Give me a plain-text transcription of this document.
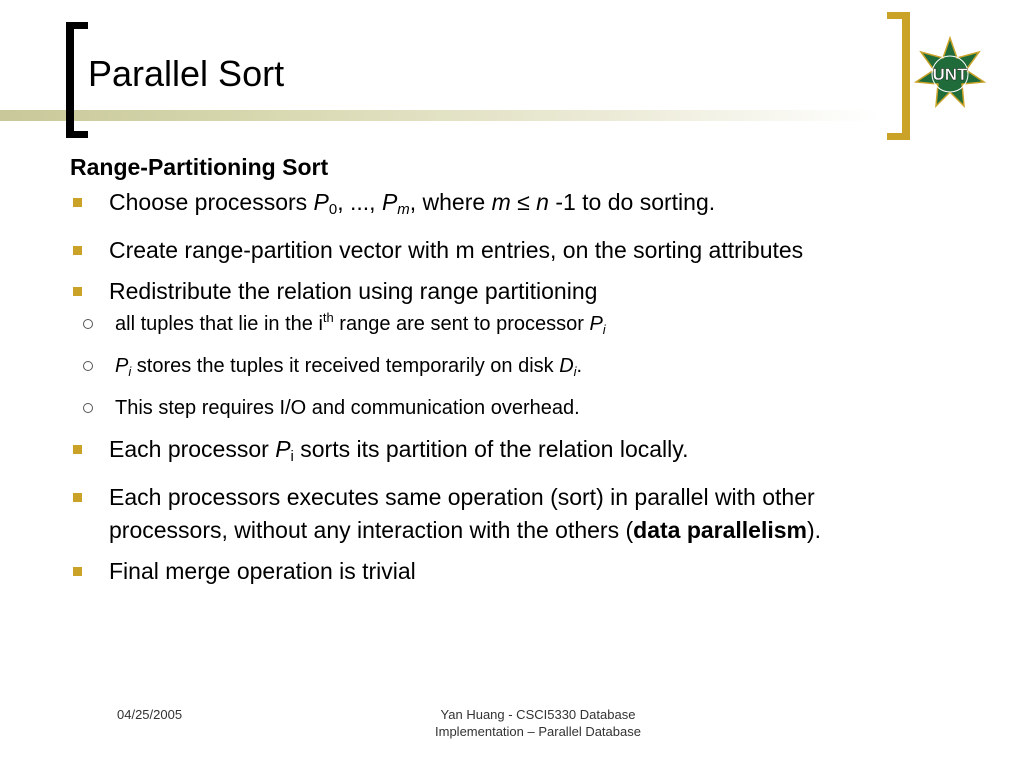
Parallel Sort	UNT
Range-Partitioning Sort
Choose processors $P_0$, ..., $P_m$, where m ≤ n -1 to do sorting.
Create range-partition vector with m entries, on the sorting attributes
Redistribute the relation using range partitioning
all tuples that lie in the $i^{th}$ range are sent to processor $P_i$
$P_i$ stores the tuples it received temporarily on disk $D_i$.
This step requires I/O and communication overhead.
Each processor $P_i$ sorts its partition of the relation locally.
Each processors executes same operation (sort) in parallel with other processors, without any interaction with the others (data parallelism).
Final merge operation is trivial
04/25/2005	Yan Huang - CSCI5330 Database
Implementation – Parallel Database
